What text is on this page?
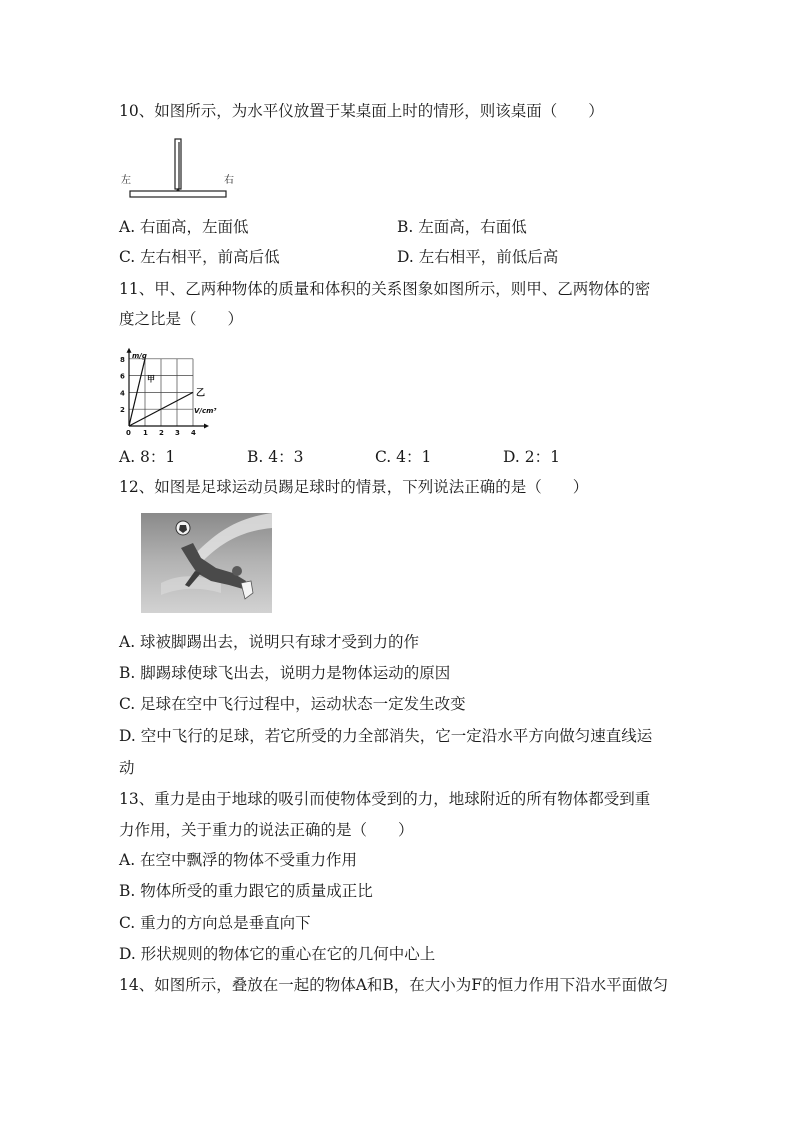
10、如图所示，为水平仪放置于某桌面上时的情形，则该桌面（　　）
左	右
A. 右面高，左面低	B. 左面高，右面低
C. 左右相平，前高后低	D. 左右相平，前低后高
11、甲、乙两种物体的质量和体积的关系图象如图所示，则甲、乙两物体的密
度之比是（　　）
甲
乙
0 1 2 3 4
2
4
6
8 m/g
V/cm³
A. 8：1	B. 4：3	C. 4：1	D. 2：1
12、如图是足球运动员踢足球时的情景，下列说法正确的是（　　）
A. 球被脚踢出去，说明只有球才受到力的作
B. 脚踢球使球飞出去，说明力是物体运动的原因
C. 足球在空中飞行过程中，运动状态一定发生改变
D. 空中飞行的足球，若它所受的力全部消失，它一定沿水平方向做匀速直线运
动
13、重力是由于地球的吸引而使物体受到的力，地球附近的所有物体都受到重
力作用，关于重力的说法正确的是（　　）
A. 在空中飘浮的物体不受重力作用
B. 物体所受的重力跟它的质量成正比
C. 重力的方向总是垂直向下
D. 形状规则的物体它的重心在它的几何中心上
14、如图所示，叠放在一起的物体A和B，在大小为F的恒力作用下沿水平面做匀
